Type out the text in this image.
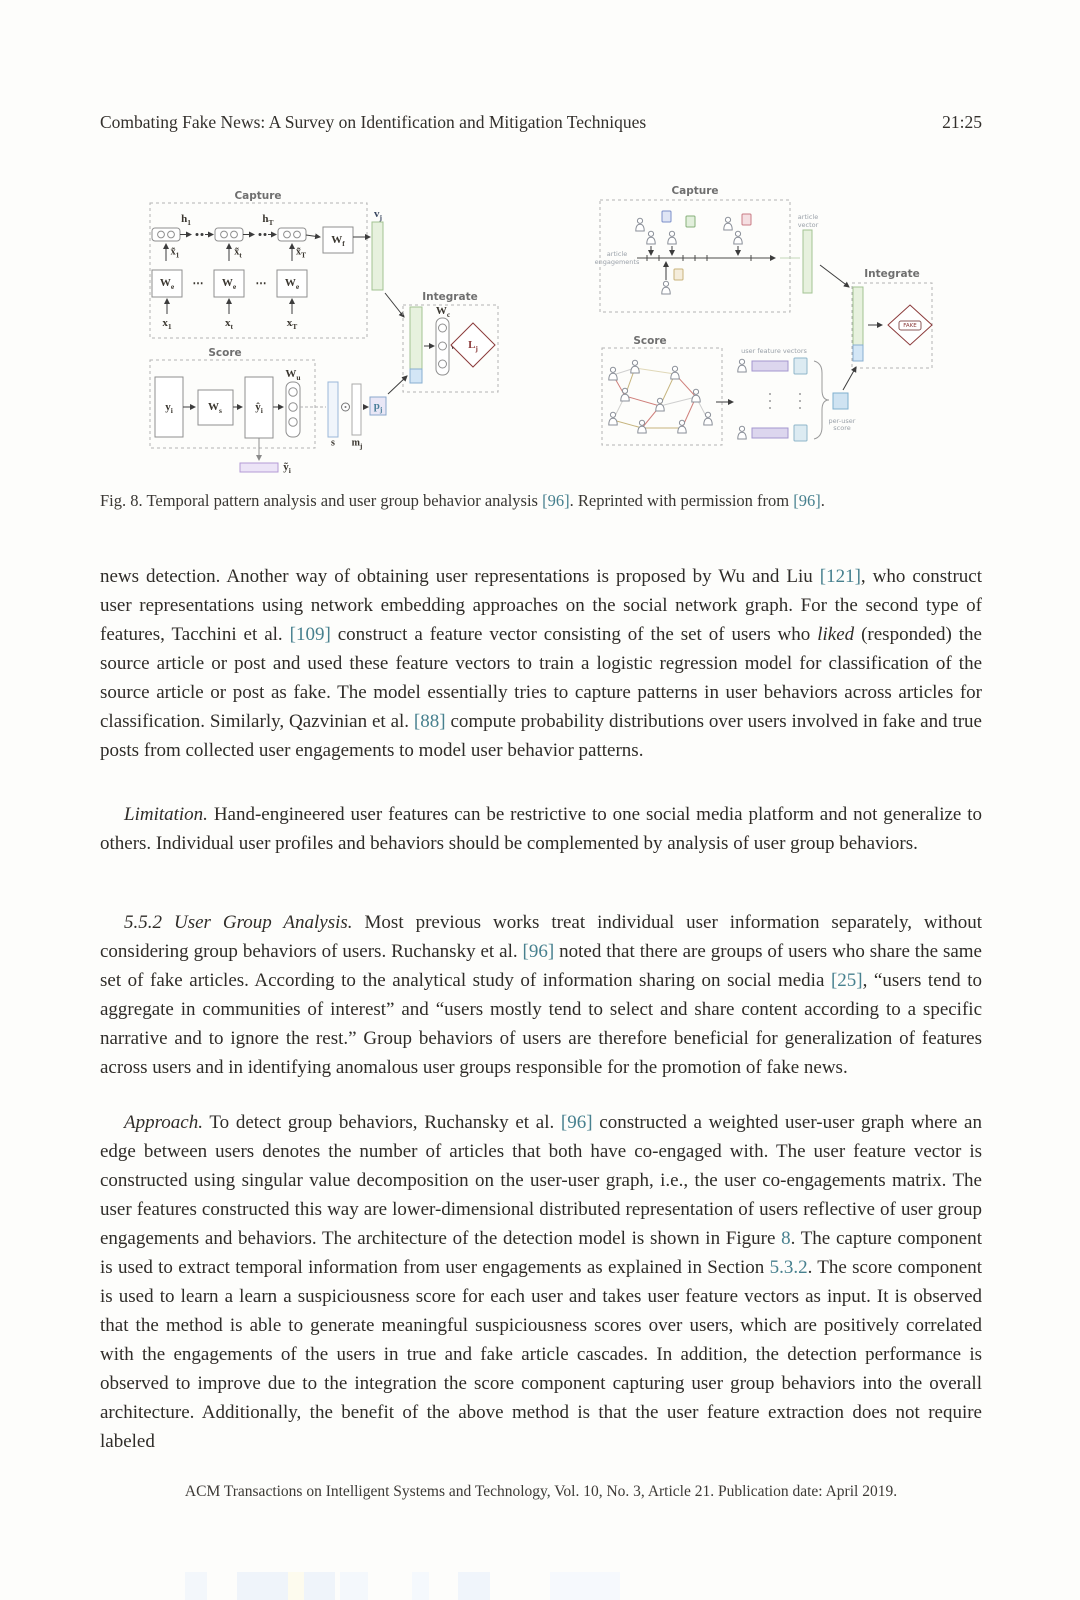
Combating Fake News: A Survey on Identification and Mitigation Techniques	21:25
Capture
$h_1$	$h_T$
$x̃_1$	$x̃_t$	$x̃_T$
$W_e$	$W_e$	$W_e$
⋯	⋯
$x_1$	$x_t$	$x_T$
$W_f$
$v_j$
Integrate
$W_c$
$L_j$
Score
$y_i$	$W_s$	$ŷ_i$
$W_u$
s $m_j$
$p_j$
ỹ$_i$
Capture
article
engagements
article
vector
Integrate
FAKE
Score
user feature vectors
per-user
score
Fig. 8. Temporal pattern analysis and user group behavior analysis [96]. Reprinted with permission from [96].

news detection. Another way of obtaining user representations is proposed by Wu and Liu [121], who construct user representations using network embedding approaches on the social network graph. For the second type of features, Tacchini et al. [109] construct a feature vector consisting of the set of users who liked (responded) the source article or post and used these feature vectors to train a logistic regression model for classification of the source article or post as fake. The model essentially tries to capture patterns in user behaviors across articles for classification. Similarly, Qazvinian et al. [88] compute probability distributions over users involved in fake and true posts from collected user engagements to model user behavior patterns.

Limitation. Hand-engineered user features can be restrictive to one social media platform and not generalize to others. Individual user profiles and behaviors should be complemented by analysis of user group behaviors.

5.5.2 User Group Analysis. Most previous works treat individual user information separately, without considering group behaviors of users. Ruchansky et al. [96] noted that there are groups of users who share the same set of fake articles. According to the analytical study of information sharing on social media [25], “users tend to aggregate in communities of interest” and “users mostly tend to select and share content according to a specific narrative and to ignore the rest.” Group behaviors of users are therefore beneficial for generalization of features across users and in identifying anomalous user groups responsible for the promotion of fake news.

Approach. To detect group behaviors, Ruchansky et al. [96] constructed a weighted user-user graph where an edge between users denotes the number of articles that both have co-engaged with. The user feature vector is constructed using singular value decomposition on the user-user graph, i.e., the user co-engagements matrix. The user features constructed this way are lower-dimensional distributed representation of users reflective of user group engagements and behaviors. The architecture of the detection model is shown in Figure 8. The capture component is used to extract temporal information from user engagements as explained in Section 5.3.2. The score component is used to learn a learn a suspiciousness score for each user and takes user feature vectors as input. It is observed that the method is able to generate meaningful suspiciousness scores over users, which are positively correlated with the engagements of the users in true and fake article cascades. In addition, the detection performance is observed to improve due to the integration the score component capturing user group behaviors into the overall architecture. Additionally, the benefit of the above method is that the user feature extraction does not require labeled

ACM Transactions on Intelligent Systems and Technology, Vol. 10, No. 3, Article 21. Publication date: April 2019.
